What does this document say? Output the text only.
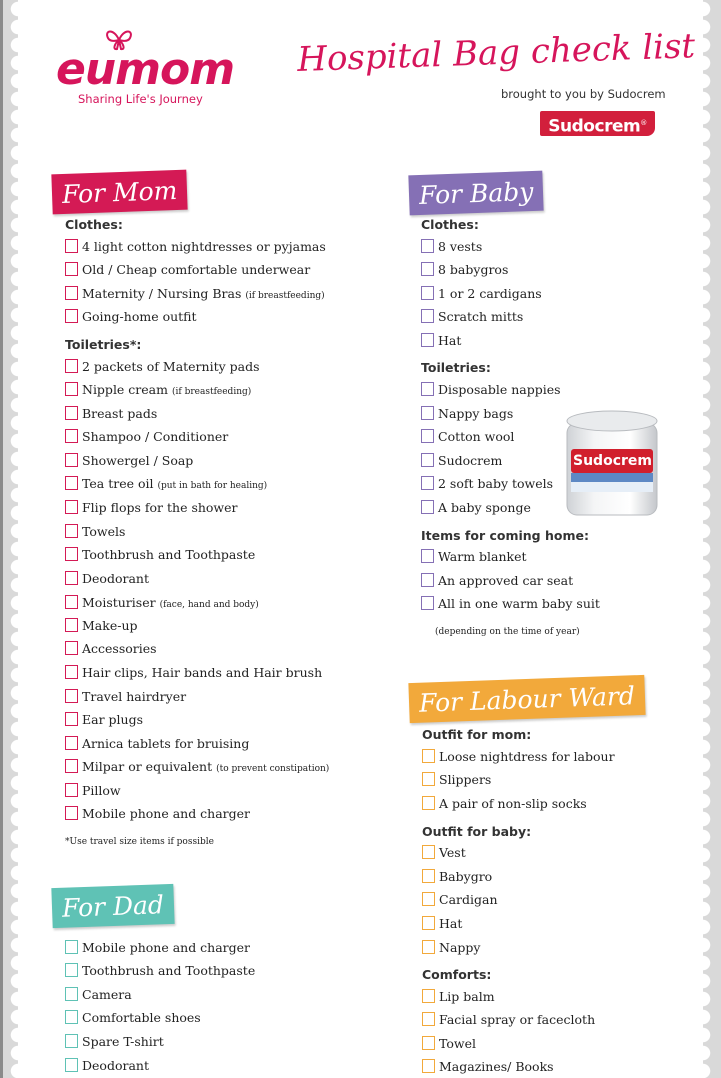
eumom
Sharing Life's Journey
Hospital Bag check list
brought to you by Sudocrem
Sudocrem®
For Mom	For Baby
For Labour Ward
For Dad
Clothes:
4 light cotton nightdresses or pyjamas
Old / Cheap comfortable underwear
Maternity / Nursing Bras (if breastfeeding)
Going-home outfit
Toiletries*:
2 packets of Maternity pads
Nipple cream (if breastfeeding)
Breast pads
Shampoo / Conditioner
Showergel / Soap
Tea tree oil (put in bath for healing)
Flip flops for the shower
Towels
Toothbrush and Toothpaste
Deodorant
Moisturiser (face, hand and body)
Make-up
Accessories
Hair clips, Hair bands and Hair brush
Travel hairdryer
Ear plugs
Arnica tablets for bruising
Milpar or equivalent (to prevent constipation)
Pillow
Mobile phone and charger
*Use travel size items if possible
Mobile phone and charger
Toothbrush and Toothpaste
Camera
Comfortable shoes
Spare T-shirt
Deodorant
Clothes:
8 vests
8 babygros
1 or 2 cardigans
Scratch mitts
Hat
Toiletries:
Disposable nappies
Nappy bags
Cotton wool
Sudocrem
2 soft baby towels
A baby sponge
Items for coming home:
Warm blanket
An approved car seat
All in one warm baby suit
(depending on the time of year)
Sudocrem
Outfit for mom:
Loose nightdress for labour
Slippers
A pair of non-slip socks
Outfit for baby:
Vest
Babygro
Cardigan
Hat
Nappy
Comforts:
Lip balm
Facial spray or facecloth
Towel
Magazines/ Books
